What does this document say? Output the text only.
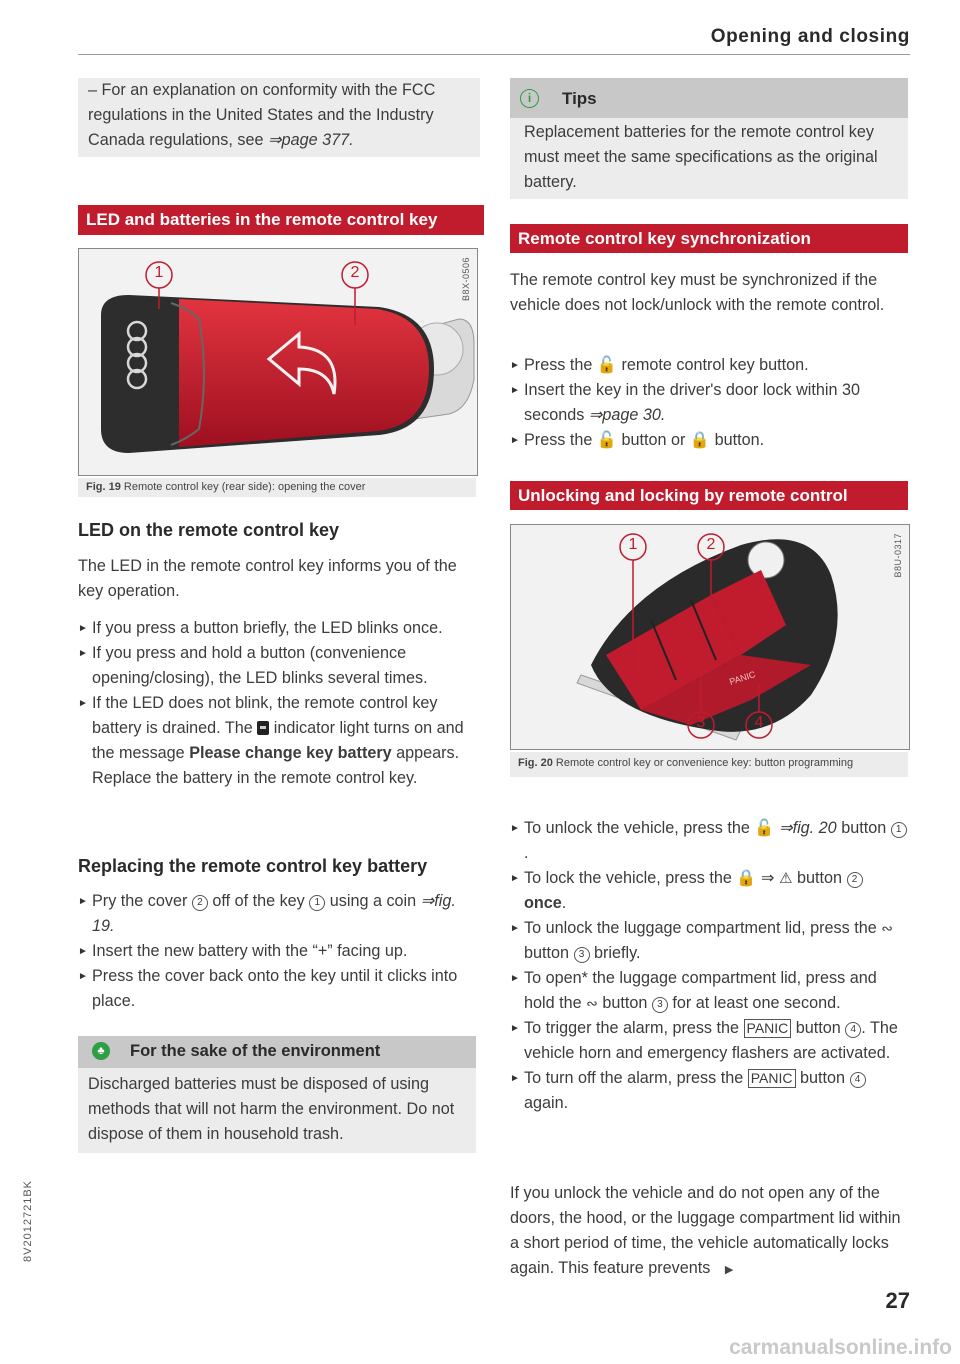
Opening and closing
– For an explanation on conformity with the FCC regulations in the United States and the Industry Canada regulations, see ⇒page 377.
LED and batteries in the remote control key
1	2	B8X-0506
Fig. 19 Remote control key (rear side): opening the cover
LED on the remote control key
The LED in the remote control key informs you of the key operation.
► If you press a button briefly, the LED blinks once.
► If you press and hold a button (convenience opening/closing), the LED blinks several times.
► If the LED does not blink, the remote control key battery is drained. The indicator light turns on and the message Please change key battery appears. Replace the battery in the remote control key.
Replacing the remote control key battery
► Pry the cover 2 off of the key 1 using a coin ⇒fig. 19.
► Insert the new battery with the “+” facing up.
► Press the cover back onto the key until it clicks into place.
♣	For the sake of the environment
Discharged batteries must be disposed of using methods that will not harm the environment. Do not dispose of them in household trash.
i	Tips
Replacement batteries for the remote control key must meet the same specifications as the original battery.
Remote control key synchronization
The remote control key must be synchronized if the vehicle does not lock/unlock with the remote control.
► Press the 🔓 remote control key button.
► Insert the key in the driver's door lock within 30 seconds ⇒page 30.
► Press the 🔓 button or 🔒 button.
Unlocking and locking by remote control
1	2
3	4
PANIC
B8U-0317
Fig. 20 Remote control key or convenience key: button programming
► To unlock the vehicle, press the 🔓 ⇒fig. 20 button 1.
► To lock the vehicle, press the 🔒 ⇒ ⚠ button 2 once.
► To unlock the luggage compartment lid, press the ∾ button 3 briefly.
► To open* the luggage compartment lid, press and hold the ∾ button 3 for at least one second.
► To trigger the alarm, press the PANIC button 4 . The vehicle horn and emergency flashers are activated.
► To turn off the alarm, press the PANIC button 4 again.
If you unlock the vehicle and do not open any of the doors, the hood, or the luggage compartment lid within a short period of time, the vehicle automatically locks again. This feature prevents ▶
27
8V2012721BK
carmanualsonline.info
